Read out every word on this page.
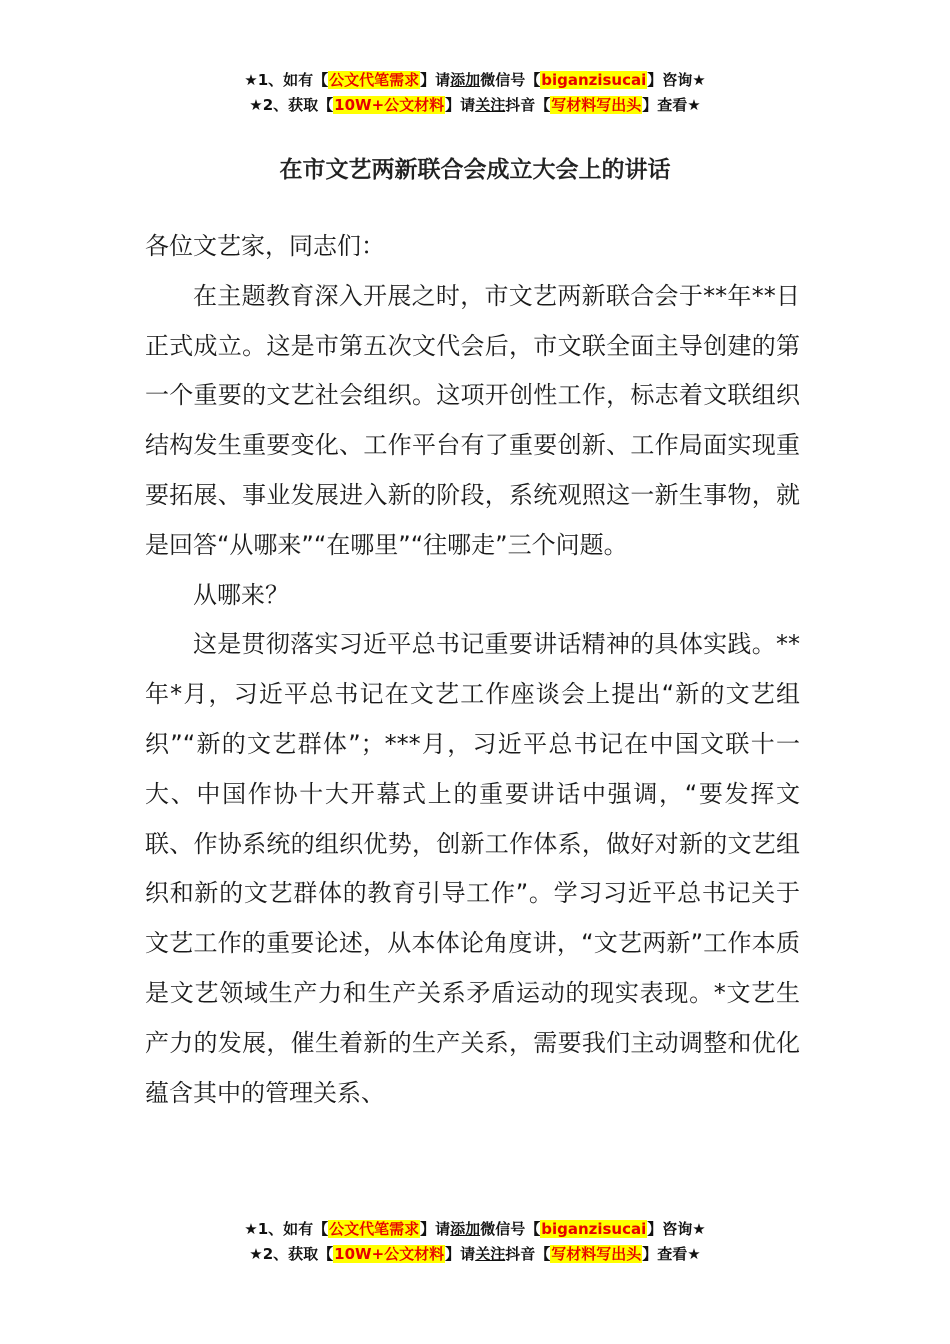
★1、如有【公文代笔需求】请添加微信号【biganzisucai】咨询★
★2、获取【10W+公文材料】请关注抖音【写材料写出头】查看★
在市文艺两新联合会成立大会上的讲话

各位文艺家，同志们：

在主题教育深入开展之时，市文艺两新联合会于**年**日正式成立。这是市第五次文代会后，市文联全面主导创建的第一个重要的文艺社会组织。这项开创性工作，标志着文联组织结构发生重要变化、工作平台有了重要创新、工作局面实现重要拓展、事业发展进入新的阶段，系统观照这一新生事物，就是回答“从哪来”“在哪里”“往哪走”三个问题。

从哪来？

这是贯彻落实习近平总书记重要讲话精神的具体实践。**年*月，习近平总书记在文艺工作座谈会上提出“新的文艺组织”“新的文艺群体”；***月，习近平总书记在中国文联十一大、中国作协十大开幕式上的重要讲话中强调，“要发挥文联、作协系统的组织优势，创新工作体系，做好对新的文艺组织和新的文艺群体的教育引导工作”。学习习近平总书记关于文艺工作的重要论述，从本体论角度讲，“文艺两新”工作本质是文艺领域生产力和生产关系矛盾运动的现实表现。*文艺生产力的发展，催生着新的生产关系，需要我们主动调整和优化蕴含其中的管理关系、

★1、如有【公文代笔需求】请添加微信号【biganzisucai】咨询★
★2、获取【10W+公文材料】请关注抖音【写材料写出头】查看★
